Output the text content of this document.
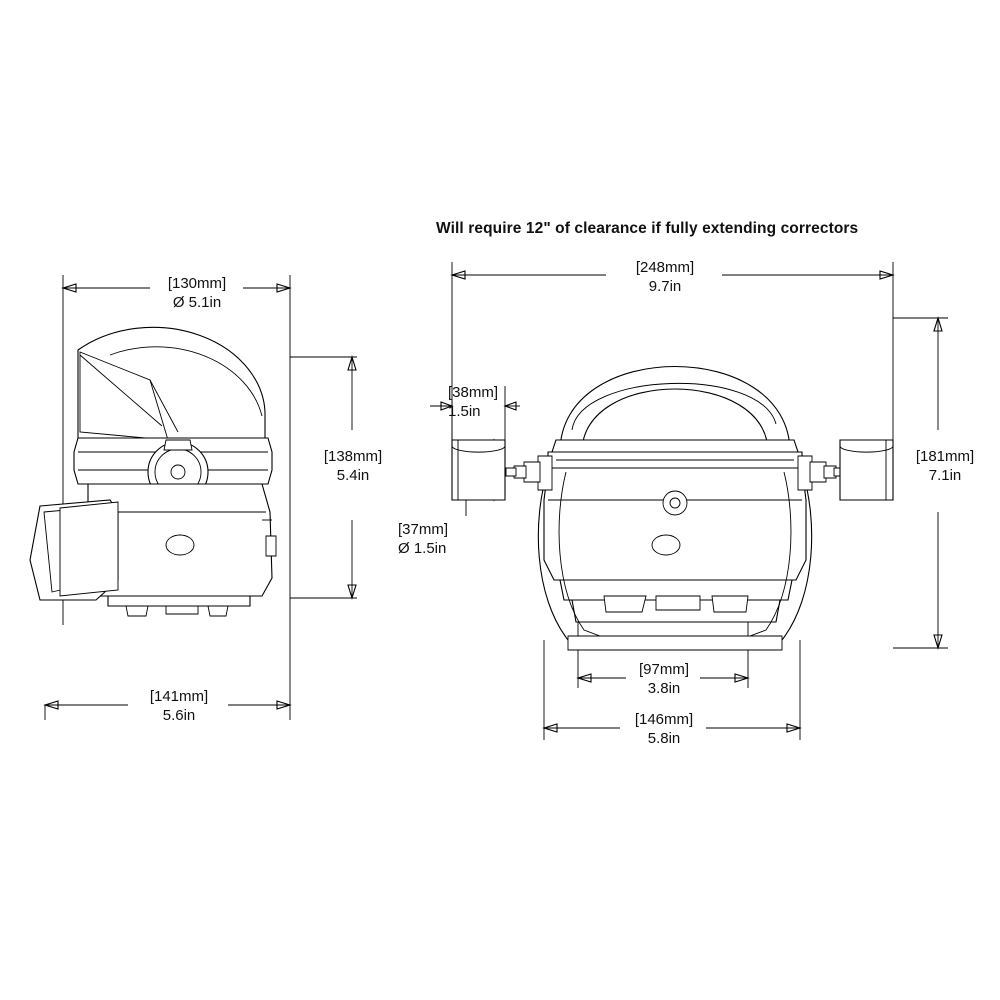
Will require 12" of clearance if fully extending correctors
[130mm]
Ø 5.1in
[138mm]
5.4in
[141mm]
5.6in
[248mm]
9.7in
[38mm]
1.5in
[37mm]
Ø 1.5in
[181mm]
7.1in
[97mm]
3.8in
[146mm]
5.8in
